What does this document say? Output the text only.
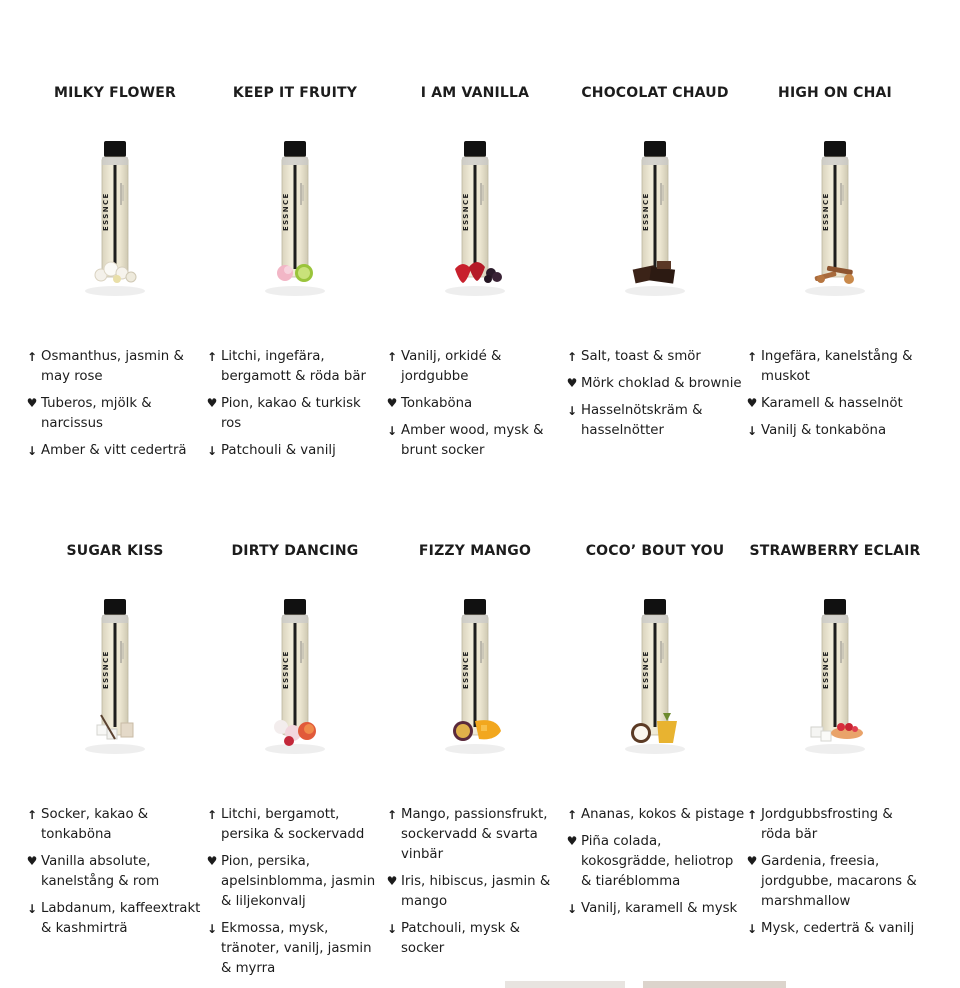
MILKY FLOWER
ESSNCE
↑ Osmanthus, jasmin & may rose
♥ Tuberos, mjölk & narcissus
↓ Amber & vitt cederträ
KEEP IT FRUITY
ESSNCE
↑ Litchi, ingefära, bergamott & röda bär
♥ Pion, kakao & turkisk ros
↓ Patchouli & vanilj
I AM VANILLA
ESSNCE
↑ Vanilj, orkidé & jordgubbe
♥ Tonkaböna
↓ Amber wood, mysk & brunt socker
CHOCOLAT CHAUD
ESSNCE
↑ Salt, toast & smör
♥ Mörk choklad & brownie
↓ Hasselnötskräm & hasselnötter
HIGH ON CHAI
ESSNCE
↑ Ingefära, kanelstång & muskot
♥ Karamell & hasselnöt
↓ Vanilj & tonkaböna
SUGAR KISS
ESSNCE
↑ Socker, kakao & tonkaböna
♥ Vanilla absolute, kanelstång & rom
↓ Labdanum, kaffeextrakt & kashmirträ
DIRTY DANCING
ESSNCE
↑ Litchi, bergamott, persika & sockervadd
♥ Pion, persika, apelsinblomma, jasmin & liljekonvalj
↓ Ekmossa, mysk, tränoter, vanilj, jasmin & myrra
FIZZY MANGO
ESSNCE
↑ Mango, passionsfrukt, sockervadd & svarta vinbär
♥ Iris, hibiscus, jasmin & mango
↓ Patchouli, mysk & socker
COCO’ BOUT YOU
ESSNCE
↑ Ananas, kokos & pistage
♥ Piña colada, kokosgrädde, heliotrop & tiaréblomma
↓ Vanilj, karamell & mysk
STRAWBERRY ECLAIR
ESSNCE
↑ Jordgubbsfrosting & röda bär
♥ Gardenia, freesia, jordgubbe, macarons & marshmallow
↓ Mysk, cederträ & vanilj
